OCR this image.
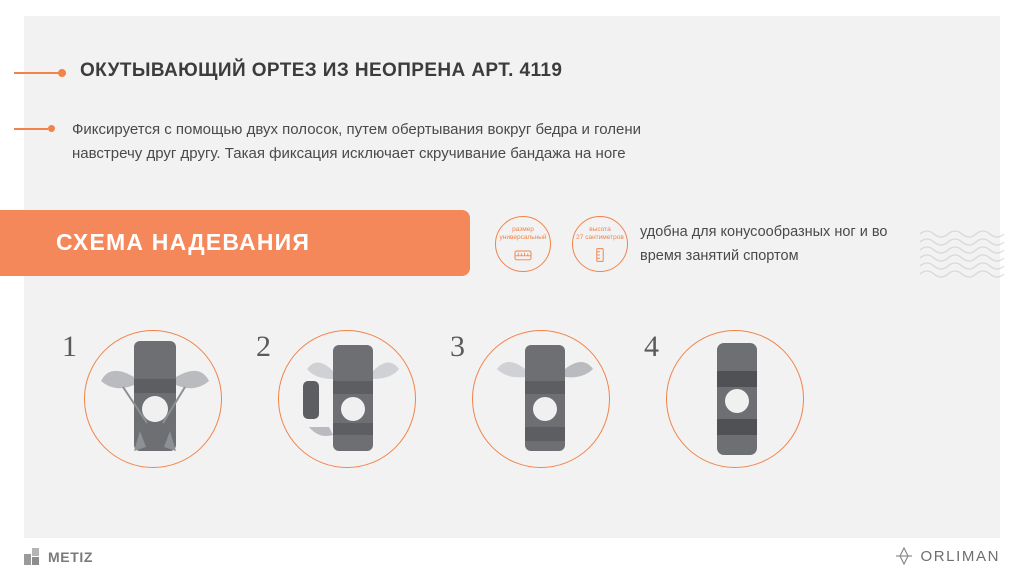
ОКУТЫВАЮЩИЙ ОРТЕЗ ИЗ НЕОПРЕНА АРТ. 4119
Фиксируется с помощью двух полосок, путем обертывания вокруг бедра и голени навстречу друг другу. Такая фиксация исключает скручивание бандажа на ноге
СХЕМА НАДЕВАНИЯ	размер
универсальный
высота
27 сантиметров удобна для конусообразных ног и во время занятий спортом
1	2	3	4
METIZ	ORLIMAN
